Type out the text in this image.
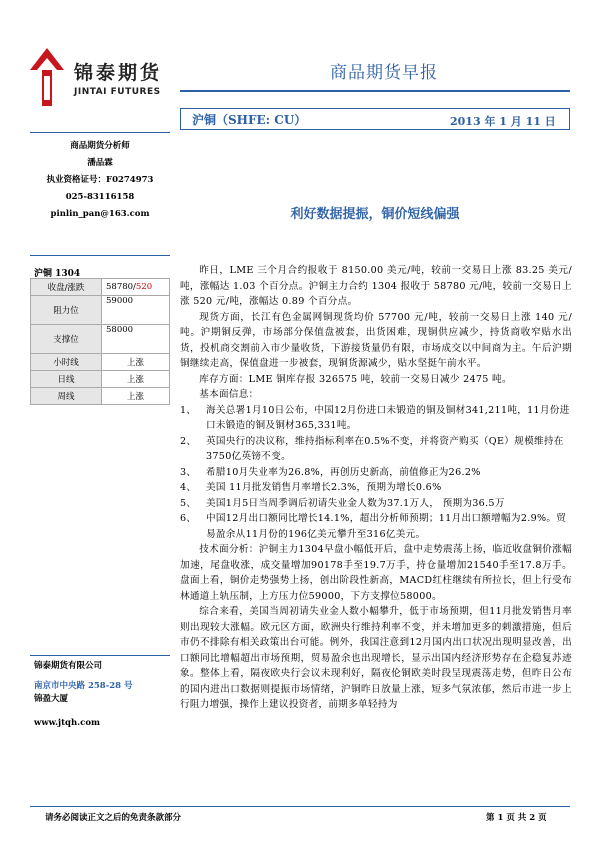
锦泰期货
JINTAI FUTURES
商品期货早报
沪铜（SHFE: CU）	2013 年 1 月 11 日
商品期货分析师
潘品霖
执业资格证号：F0274973
025-83116158
pinlin_pan@163.com
沪铜 1304
收盘/涨跌	58780/520
阻力位	59000
支撑位	58000
小时线	上涨
日线	上涨
周线	上涨
锦泰期货有限公司
南京市中央路 258-28 号
锦盈大厦
www.jtqh.com
利好数据提振，铜价短线偏强

昨日，LME 三个月合约报收于 8150.00 美元/吨，较前一交易日上涨 83.25 美元/吨，涨幅达 1.03 个百分点。沪铜主力合约 1304 报收于 58780 元/吨，较前一交易日上涨 520 元/吨，涨幅达 0.89 个百分点。

现货方面，长江有色金属网铜现货均价 57700 元/吨，较前一交易日上涨 140 元/吨。沪期铜反弹，市场部分保值盘被套，出货困难，现铜供应减少，持货商收窄贴水出货，投机商交割前入市少量收货，下游接货量仍有限，市场成交以中间商为主。午后沪期铜继续走高，保值盘进一步被套，现铜货源减少，贴水坚挺午前水平。

库存方面：LME 铜库存报 326575 吨，较前一交易日减少 2475 吨。

基本面信息：

1、	海关总署1月10日公布，中国12月份进口未锻造的铜及铜材341,211吨，11月份进口未锻造的铜及铜材365,331吨。
2、	英国央行的决议称，维持指标利率在0.5%不变，并将资产购买（QE）规模维持在3750亿英镑不变。
3、	希腊10月失业率为26.8%，再创历史新高，前值修正为26.2%
4、	美国 11月批发销售月率增长2.3%，预期为增长0.6%
5、	美国1月5日当周季调后初请失业金人数为37.1万人， 预期为36.5万
6、	中国12月出口额同比增长14.1%，超出分析师预期；11月出口额增幅为2.9%。贸易盈余从11月份的196亿美元攀升至316亿美元。

技术面分析：沪铜主力1304早盘小幅低开后，盘中走势震荡上扬，临近收盘铜价涨幅加速，尾盘收涨，成交量增加90178手至19.7万手，持仓量增加21540手至17.8万手。盘面上看，铜价走势强势上扬，创出阶段性新高，MACD红柱继续有所拉长，但上行受布林通道上轨压制，上方压力位59000，下方支撑位58000。

综合来看，美国当周初请失业金人数小幅攀升，低于市场预期，但11月批发销售月率则出现较大涨幅。欧元区方面，欧洲央行维持利率不变，并未增加更多的刺激措施，但后市仍不排除有相关政策出台可能。例外，我国注意到12月国内出口状况出现明显改善，出口额同比增幅超出市场预期，贸易盈余也出现增长，显示出国内经济形势存在企稳复苏迹象。整体上看，隔夜欧央行会议未现利好，隔夜伦铜欧美时段呈现震荡走势，但昨日公布的国内进出口数据则提振市场情绪，沪铜昨日放量上涨，短多气氛浓郁，然后市进一步上行阻力增强，操作上建议投资者，前期多单轻持为

请务必阅读正文之后的免责条款部分	第 1 页 共 2 页
